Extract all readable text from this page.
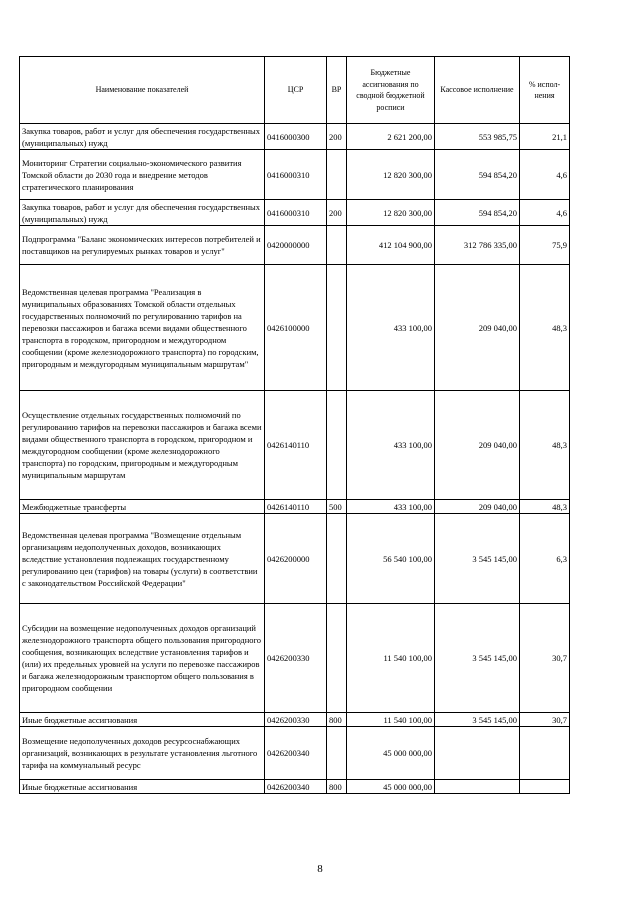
Наименование показателей	ЦСР	ВР	Бюджетные ассигнования по сводной бюджетной росписи	Кассовое исполнение	% испол-нения
Закупка товаров, работ и услуг для обеспечения государственных (муниципальных) нужд	0416000300	200	2 621 200,00	553 985,75	21,1
Мониторинг Стратегии социально-экономического развития Томской области до 2030 года и внедрение методов стратегического планирования	0416000310		12 820 300,00	594 854,20	4,6
Закупка товаров, работ и услуг для обеспечения государственных (муниципальных) нужд	0416000310	200	12 820 300,00	594 854,20	4,6
Подпрограмма "Баланс экономических интересов потребителей и поставщиков на регулируемых рынках товаров и услуг"	0420000000		412 104 900,00	312 786 335,00	75,9
Ведомственная целевая программа "Реализация в муниципальных образованиях Томской области отдельных государственных полномочий по регулированию тарифов на перевозки пассажиров и багажа всеми видами общественного транспорта в городском, пригородном и междугородном сообщении (кроме железнодорожного транспорта) по городским, пригородным и междугородным муниципальным маршрутам"	0426100000		433 100,00	209 040,00	48,3
Осуществление отдельных государственных полномочий по регулированию тарифов на перевозки пассажиров и багажа всеми видами общественного транспорта в городском, пригородном и междугородном сообщении (кроме железнодорожного транспорта) по городским, пригородным и междугородным муниципальным маршрутам	0426140110		433 100,00	209 040,00	48,3
Межбюджетные трансферты	0426140110	500	433 100,00	209 040,00	48,3
Ведомственная целевая программа "Возмещение отдельным организациям недополученных доходов, возникающих вследствие установления подлежащих государственному регулированию цен (тарифов) на товары (услуги) в соответствии с законодательством Российской Федерации"	0426200000		56 540 100,00	3 545 145,00	6,3
Субсидии на возмещение недополученных доходов организаций железнодорожного транспорта общего пользования пригородного сообщения, возникающих вследствие установления тарифов и (или) их предельных уровней на услуги по перевозке пассажиров и багажа железнодорожным транспортом общего пользования в пригородном сообщении	0426200330		11 540 100,00	3 545 145,00	30,7
Иные бюджетные ассигнования	0426200330	800	11 540 100,00	3 545 145,00	30,7
Возмещение недополученных доходов ресурсоснабжающих организаций, возникающих в результате установления льготного тарифа на коммунальный ресурс	0426200340		45 000 000,00		
Иные бюджетные ассигнования	0426200340	800	45 000 000,00		
8
